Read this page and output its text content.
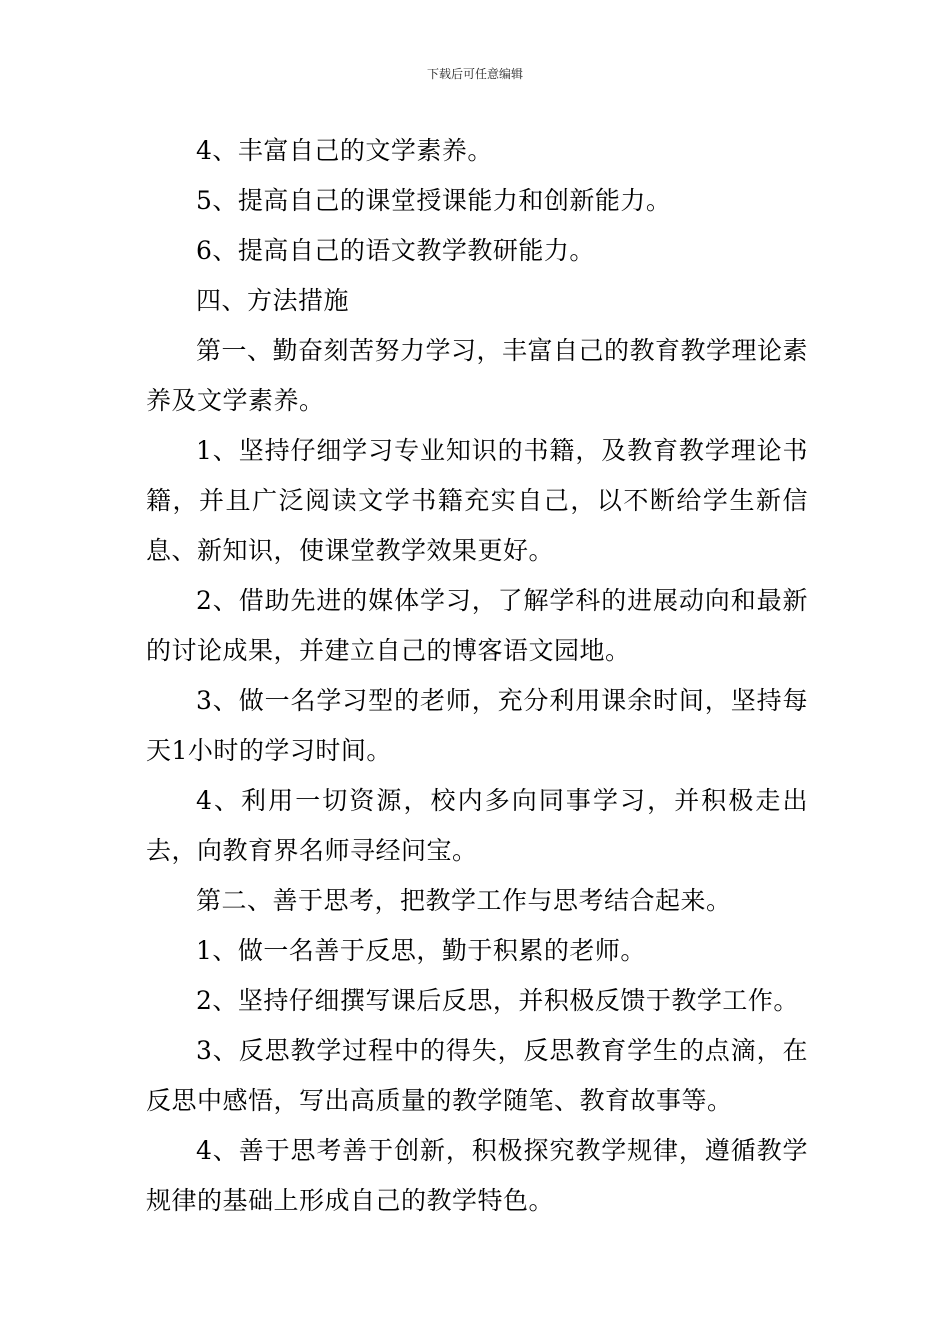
下载后可任意编辑

4、丰富自己的文学素养。

5、提高自己的课堂授课能力和创新能力。

6、提高自己的语文教学教研能力。

四、方法措施

第一、勤奋刻苦努力学习，丰富自己的教育教学理论素养及文学素养。

1、坚持仔细学习专业知识的书籍，及教育教学理论书籍，并且广泛阅读文学书籍充实自己，以不断给学生新信息、新知识，使课堂教学效果更好。

2、借助先进的媒体学习，了解学科的进展动向和最新的讨论成果，并建立自己的博客语文园地。

3、做一名学习型的老师，充分利用课余时间，坚持每天1小时的学习时间。

4、利用一切资源，校内多向同事学习，并积极走出去，向教育界名师寻经问宝。

第二、善于思考，把教学工作与思考结合起来。

1、做一名善于反思，勤于积累的老师。

2、坚持仔细撰写课后反思，并积极反馈于教学工作。

3、反思教学过程中的得失，反思教育学生的点滴，在反思中感悟，写出高质量的教学随笔、教育故事等。

4、善于思考善于创新，积极探究教学规律，遵循教学规律的基础上形成自己的教学特色。
